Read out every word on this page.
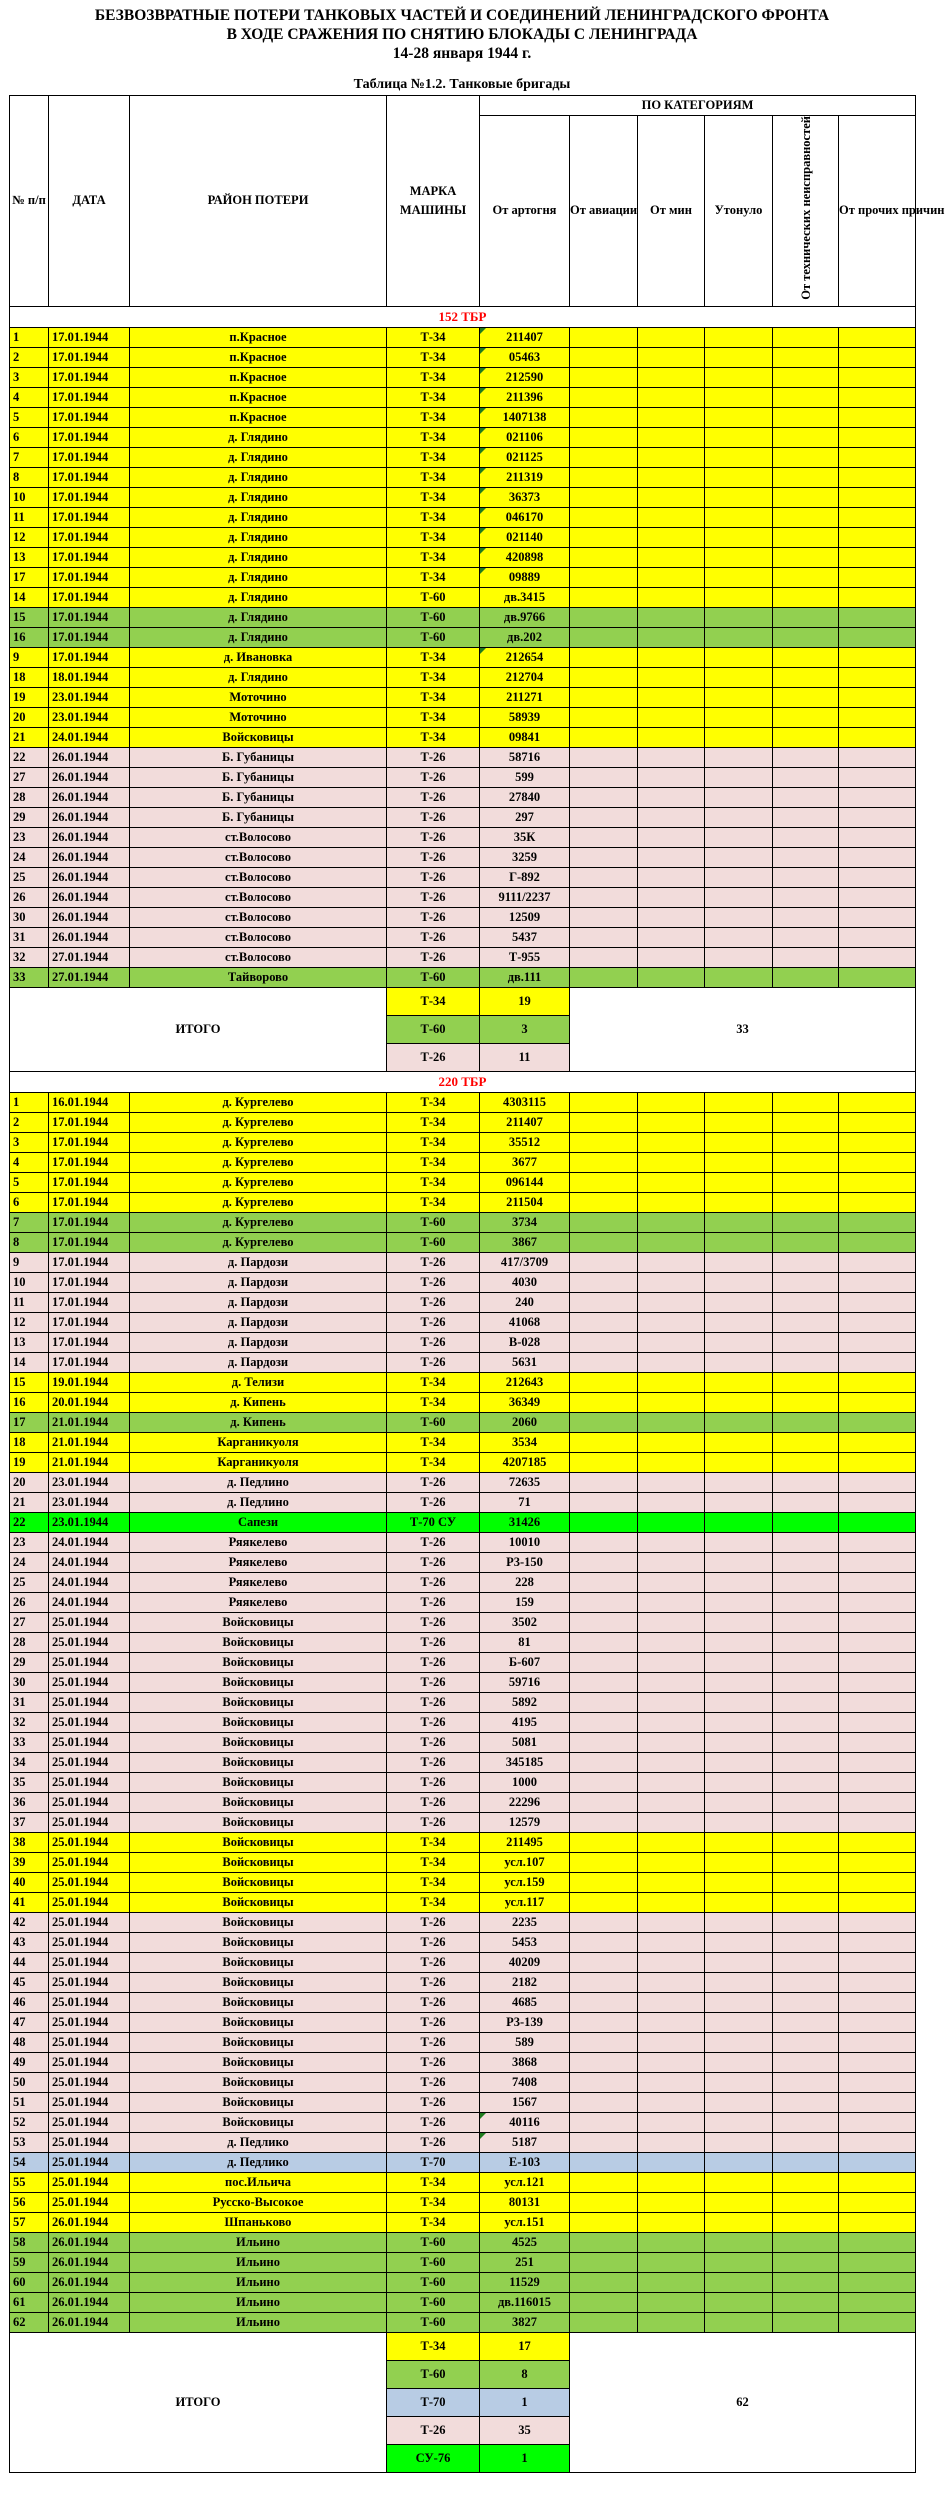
БЕЗВОЗВРАТНЫЕ ПОТЕРИ ТАНКОВЫХ ЧАСТЕЙ И СОЕДИНЕНИЙ ЛЕНИНГРАДСКОГО ФРОНТА
В ХОДЕ СРАЖЕНИЯ ПО СНЯТИЮ БЛОКАДЫ С ЛЕНИНГРАДА
14-28 января 1944 г.
Таблица №1.2. Танковые бригады
№ п/п	ДАТА	РАЙОН ПОТЕРИ	МАРКА МАШИНЫ	ПО КАТЕГОРИЯМ					
				От артогня	От авиации	От мин	Утонуло	От технических неисправностей	От прочих причин
152 ТБР									
1	17.01.1944	п.Красное	Т-34	211407					
2	17.01.1944	п.Красное	Т-34	05463					
3	17.01.1944	п.Красное	Т-34	212590					
4	17.01.1944	п.Красное	Т-34	211396					
5	17.01.1944	п.Красное	Т-34	1407138					
6	17.01.1944	д. Глядино	Т-34	021106					
7	17.01.1944	д. Глядино	Т-34	021125					
8	17.01.1944	д. Глядино	Т-34	211319					
10	17.01.1944	д. Глядино	Т-34	36373					
11	17.01.1944	д. Глядино	Т-34	046170					
12	17.01.1944	д. Глядино	Т-34	021140					
13	17.01.1944	д. Глядино	Т-34	420898					
17	17.01.1944	д. Глядино	Т-34	09889					
14	17.01.1944	д. Глядино	Т-60	дв.3415					
15	17.01.1944	д. Глядино	Т-60	дв.9766					
16	17.01.1944	д. Глядино	Т-60	дв.202					
9	17.01.1944	д. Ивановка	Т-34	212654					
18	18.01.1944	д. Глядино	Т-34	212704					
19	23.01.1944	Моточино	Т-34	211271					
20	23.01.1944	Моточино	Т-34	58939					
21	24.01.1944	Войсковицы	Т-34	09841					
22	26.01.1944	Б. Губаницы	Т-26	58716					
27	26.01.1944	Б. Губаницы	Т-26	599					
28	26.01.1944	Б. Губаницы	Т-26	27840					
29	26.01.1944	Б. Губаницы	Т-26	297					
23	26.01.1944	ст.Волосово	Т-26	35К					
24	26.01.1944	ст.Волосово	Т-26	3259					
25	26.01.1944	ст.Волосово	Т-26	Г-892					
26	26.01.1944	ст.Волосово	Т-26	9111/2237					
30	26.01.1944	ст.Волосово	Т-26	12509					
31	26.01.1944	ст.Волосово	Т-26	5437					
32	27.01.1944	ст.Волосово	Т-26	Т-955					
33	27.01.1944	Тайворово	Т-60	дв.111					
ИТОГО			Т-34	19	33				
			Т-60	3					
			Т-26	11					
220 ТБР									
1	16.01.1944	д. Кургелево	Т-34	4303115					
2	17.01.1944	д. Кургелево	Т-34	211407					
3	17.01.1944	д. Кургелево	Т-34	35512					
4	17.01.1944	д. Кургелево	Т-34	3677					
5	17.01.1944	д. Кургелево	Т-34	096144					
6	17.01.1944	д. Кургелево	Т-34	211504					
7	17.01.1944	д. Кургелево	Т-60	3734					
8	17.01.1944	д. Кургелево	Т-60	3867					
9	17.01.1944	д. Пардози	Т-26	417/3709					
10	17.01.1944	д. Пардози	Т-26	4030					
11	17.01.1944	д. Пардози	Т-26	240					
12	17.01.1944	д. Пардози	Т-26	41068					
13	17.01.1944	д. Пардози	Т-26	В-028					
14	17.01.1944	д. Пардози	Т-26	5631					
15	19.01.1944	д. Телизи	Т-34	212643					
16	20.01.1944	д. Кипень	Т-34	36349					
17	21.01.1944	д. Кипень	Т-60	2060					
18	21.01.1944	Карганикуоля	Т-34	3534					
19	21.01.1944	Карганикуоля	Т-34	4207185					
20	23.01.1944	д. Педлино	Т-26	72635					
21	23.01.1944	д. Педлино	Т-26	71					
22	23.01.1944	Сапези	Т-70 СУ	31426					
23	24.01.1944	Ряякелево	Т-26	10010					
24	24.01.1944	Ряякелево	Т-26	Р3-150					
25	24.01.1944	Ряякелево	Т-26	228					
26	24.01.1944	Ряякелево	Т-26	159					
27	25.01.1944	Войсковицы	Т-26	3502					
28	25.01.1944	Войсковицы	Т-26	81					
29	25.01.1944	Войсковицы	Т-26	Б-607					
30	25.01.1944	Войсковицы	Т-26	59716					
31	25.01.1944	Войсковицы	Т-26	5892					
32	25.01.1944	Войсковицы	Т-26	4195					
33	25.01.1944	Войсковицы	Т-26	5081					
34	25.01.1944	Войсковицы	Т-26	345185					
35	25.01.1944	Войсковицы	Т-26	1000					
36	25.01.1944	Войсковицы	Т-26	22296					
37	25.01.1944	Войсковицы	Т-26	12579					
38	25.01.1944	Войсковицы	Т-34	211495					
39	25.01.1944	Войсковицы	Т-34	усл.107					
40	25.01.1944	Войсковицы	Т-34	усл.159					
41	25.01.1944	Войсковицы	Т-34	усл.117					
42	25.01.1944	Войсковицы	Т-26	2235					
43	25.01.1944	Войсковицы	Т-26	5453					
44	25.01.1944	Войсковицы	Т-26	40209					
45	25.01.1944	Войсковицы	Т-26	2182					
46	25.01.1944	Войсковицы	Т-26	4685					
47	25.01.1944	Войсковицы	Т-26	Р3-139					
48	25.01.1944	Войсковицы	Т-26	589					
49	25.01.1944	Войсковицы	Т-26	3868					
50	25.01.1944	Войсковицы	Т-26	7408					
51	25.01.1944	Войсковицы	Т-26	1567					
52	25.01.1944	Войсковицы	Т-26	40116					
53	25.01.1944	д. Педлико	Т-26	5187					
54	25.01.1944	д. Педлико	Т-70	Е-103					
55	25.01.1944	пос.Ильича	Т-34	усл.121					
56	25.01.1944	Русско-Высокое	Т-34	80131					
57	26.01.1944	Шпаньково	Т-34	усл.151					
58	26.01.1944	Ильино	Т-60	4525					
59	26.01.1944	Ильино	Т-60	251					
60	26.01.1944	Ильино	Т-60	11529					
61	26.01.1944	Ильино	Т-60	дв.116015					
62	26.01.1944	Ильино	Т-60	3827					
ИТОГО			Т-34	17	62				
			Т-60	8					
			Т-70	1					
			Т-26	35					
			СУ-76	1					
